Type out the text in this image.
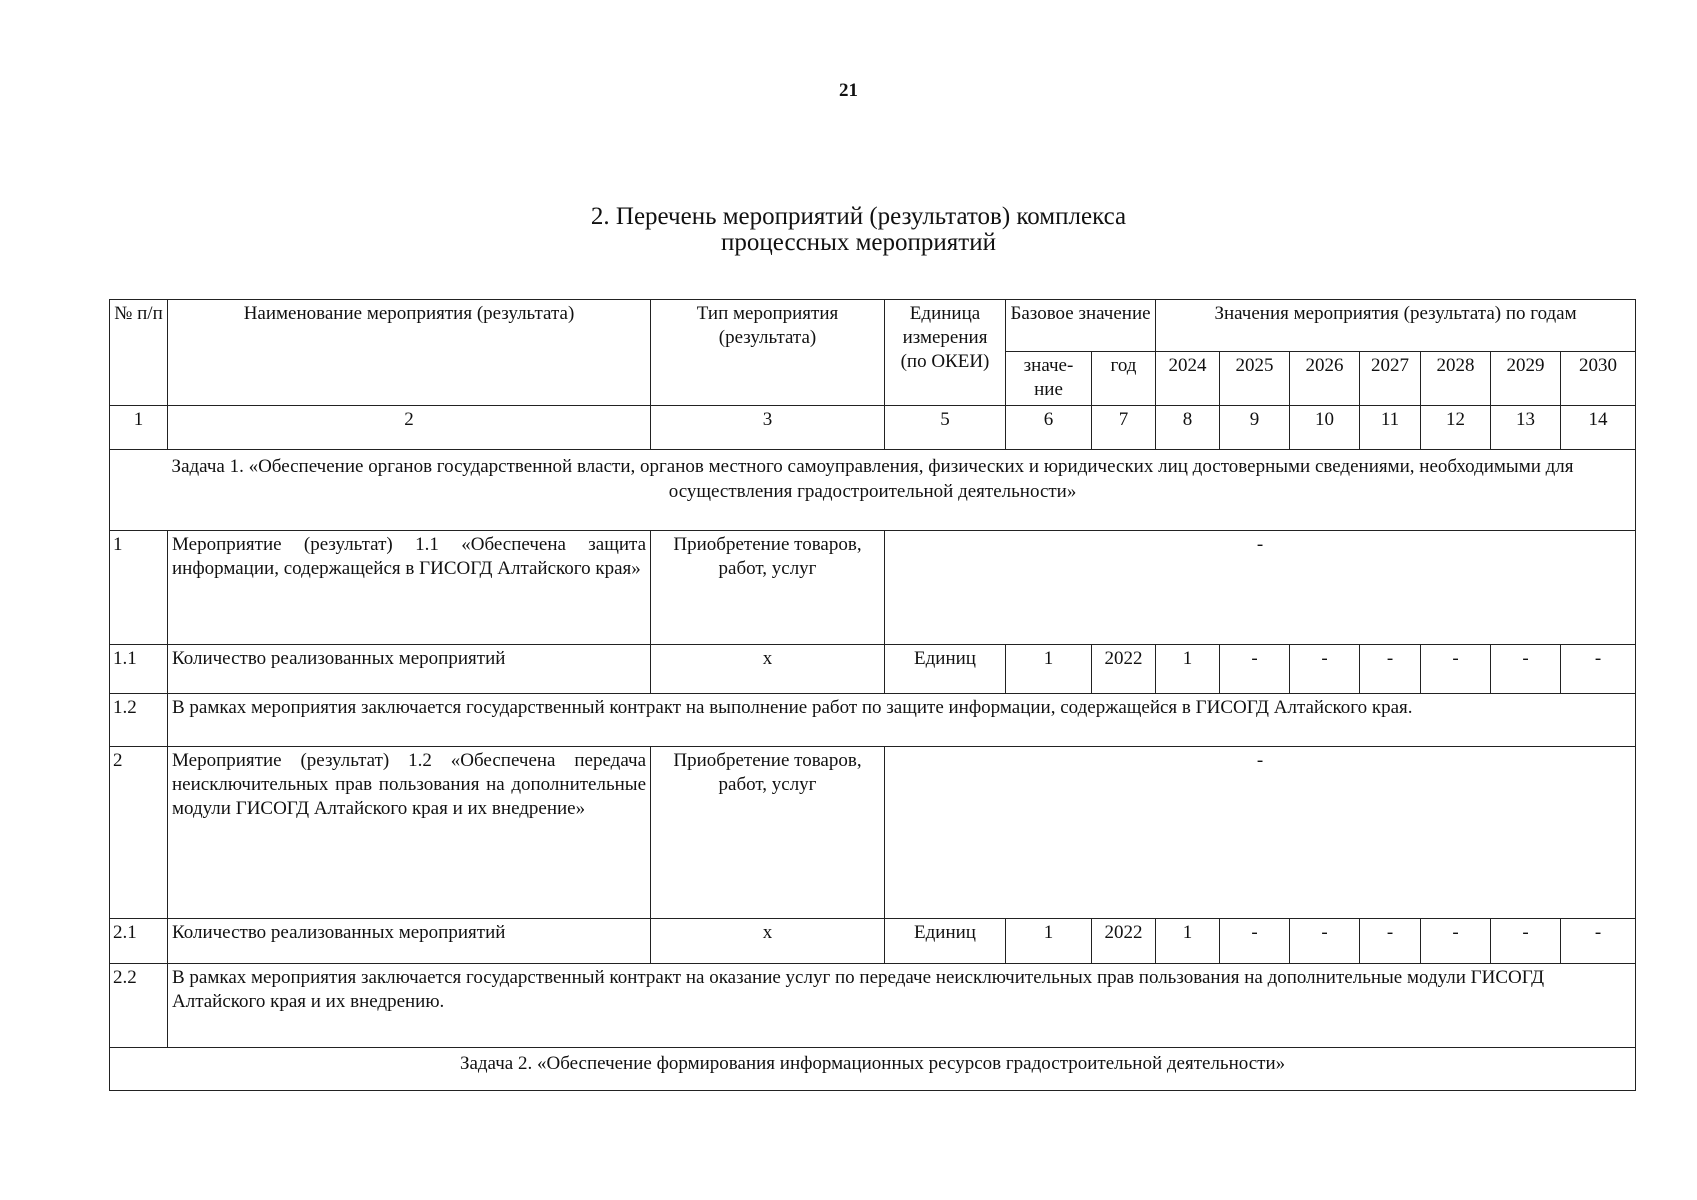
21
2. Перечень мероприятий (результатов) комплекса
процессных мероприятий
№ п/п	Наименование мероприятия (результата)	Тип мероприятия (результата)	Единица измерения (по ОКЕИ)	Базовое значение		Значения мероприятия (результата) по годам						
				значе- ние	год	2024	2025	2026	2027	2028	2029	2030
1	2	3	5	6	7	8	9	10	11	12	13	14
Задача 1. «Обеспечение органов государственной власти, органов местного самоуправления, физических и юридических лиц достоверными сведениями, необходимыми для осуществления градостроительной деятельности»												
1	Мероприятие (результат) 1.1 «Обеспечена защита информации, содержащейся в ГИСОГД Алтайского края»	Приобретение товаров, работ, услуг	-									
1.1	Количество реализованных мероприятий	х	Единиц	1	2022	1	-	-	-	-	-	-
1.2	В рамках мероприятия заключается государственный контракт на выполнение работ по защите информации, содержащейся в ГИСОГД Алтайского края.											
2	Мероприятие (результат) 1.2 «Обеспечена передача неисключительных прав пользования на дополнительные модули ГИСОГД Алтайского края и их внедрение»	Приобретение товаров, работ, услуг	-									
2.1	Количество реализованных мероприятий	х	Единиц	1	2022	1	-	-	-	-	-	-
2.2	В рамках мероприятия заключается государственный контракт на оказание услуг по передаче неисключительных прав пользования на дополнительные модули ГИСОГД Алтайского края и их внедрению.											
Задача 2. «Обеспечение формирования информационных ресурсов градостроительной деятельности»												
